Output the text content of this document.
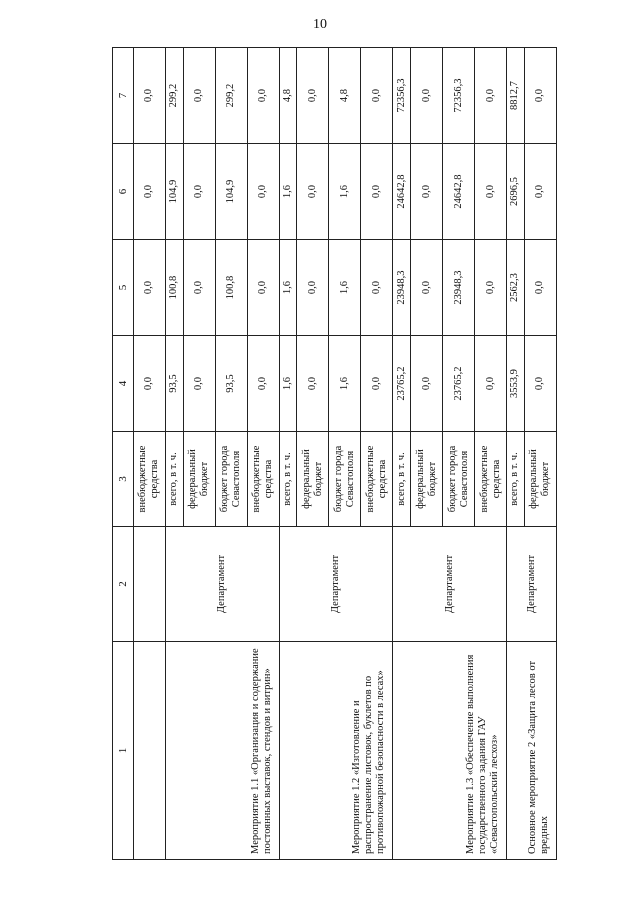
10
1	2	3	4	5	6	7
		внебюджетные средства	0,0	0,0	0,0	0,0
Мероприятие 1.1 «Организация и содержание постоянных выставок, стендов и витрин»	Департамент	всего, в т. ч.	93,5	100,8	104,9	299,2
		федеральный бюджет	0,0	0,0	0,0	0,0
		бюджет города Севастополя	93,5	100,8	104,9	299,2
		внебюджетные средства	0,0	0,0	0,0	0,0
Мероприятие 1.2 «Изготовление и распространение листовок, буклетов по противопожарной безопасности в лесах»	Департамент	всего, в т. ч.	1,6	1,6	1,6	4,8
		федеральный бюджет	0,0	0,0	0,0	0,0
		бюджет города Севастополя	1,6	1,6	1,6	4,8
		внебюджетные средства	0,0	0,0	0,0	0,0
Мероприятие 1.3 «Обеспечение выполнения государственного задания ГАУ «Севастопольский лесхоз»	Департамент	всего, в т. ч.	23765,2	23948,3	24642,8	72356,3
		федеральный бюджет	0,0	0,0	0,0	0,0
		бюджет города Севастополя	23765,2	23948,3	24642,8	72356,3
		внебюджетные средства	0,0	0,0	0,0	0,0
Основное мероприятие 2 «Защита лесов от вредных	Департамент	всего, в т. ч.	3553,9	2562,3	2696,5	8812,7
		федеральный бюджет	0,0	0,0	0,0	0,0
